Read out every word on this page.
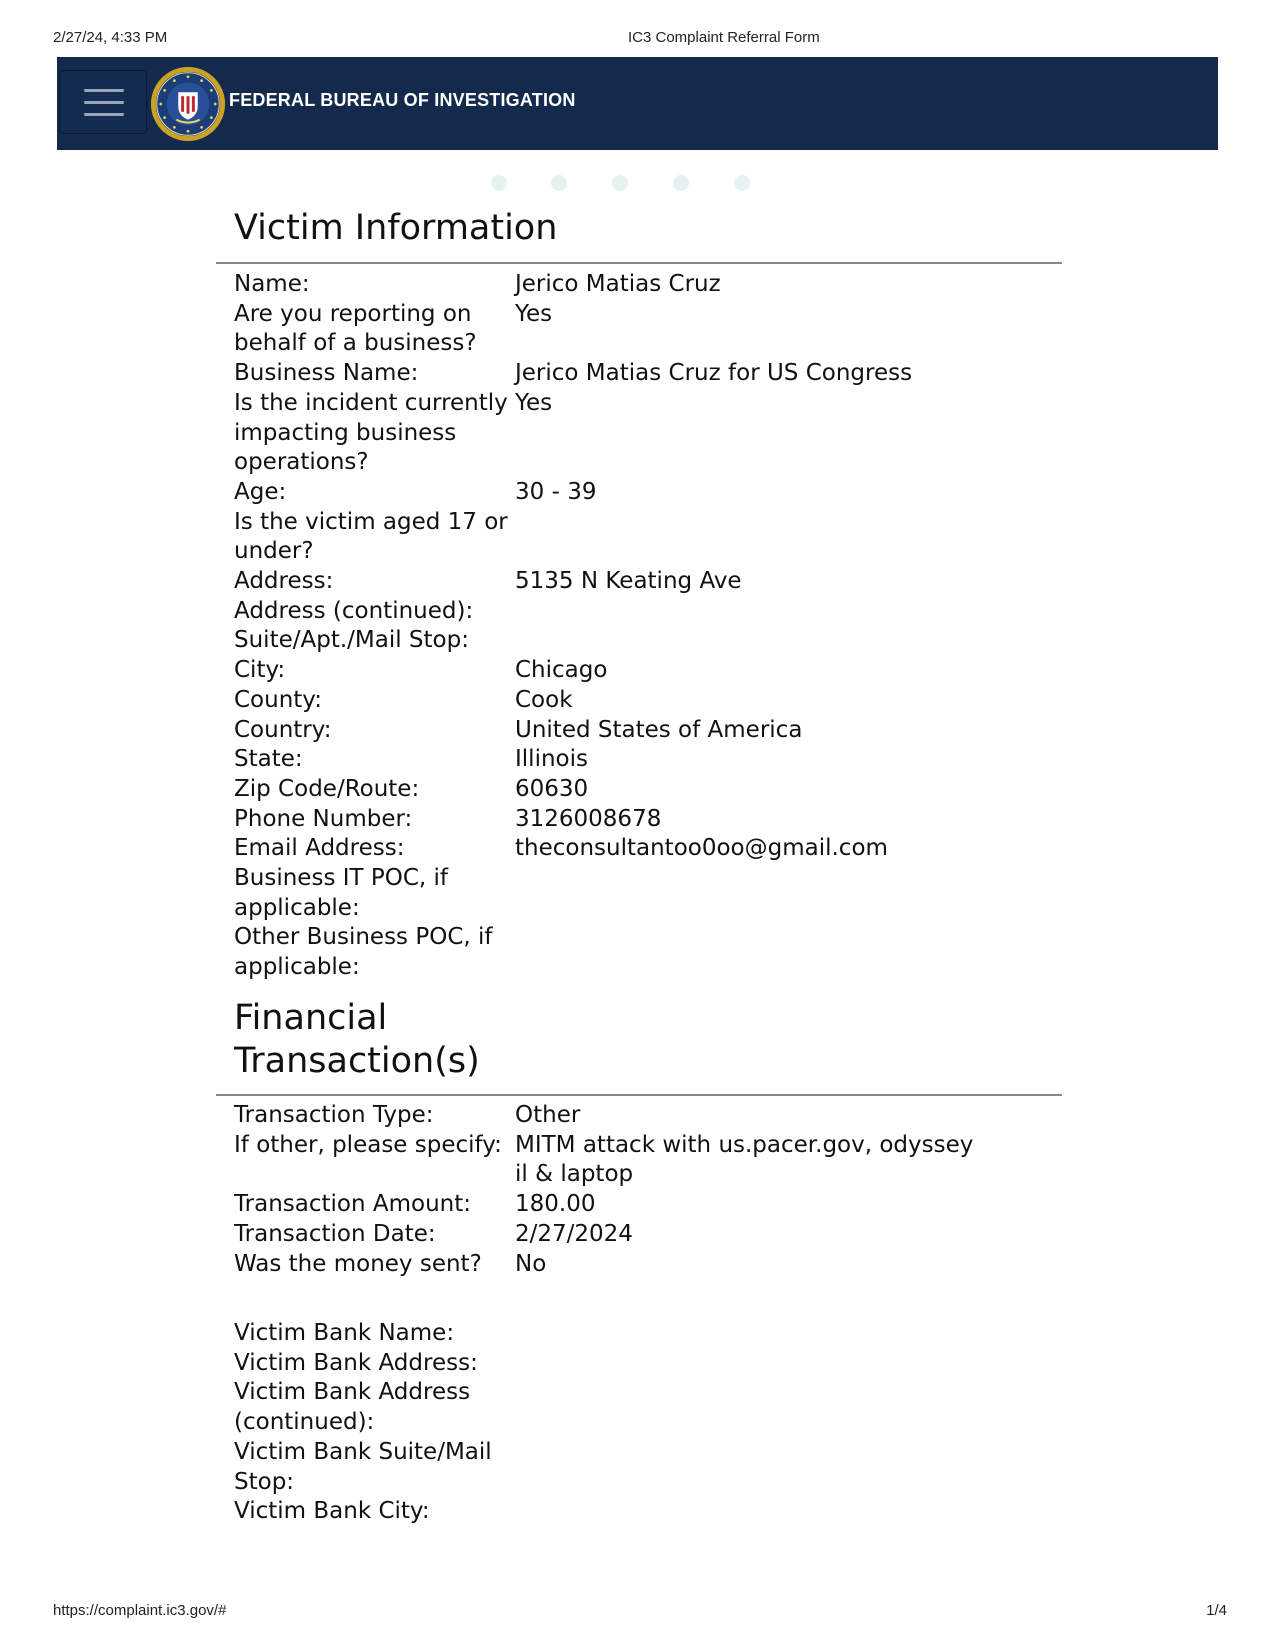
2/27/24, 4:33 PM	IC3 Complaint Referral Form
FEDERAL BUREAU OF INVESTIGATION
Victim Information
Name:	Jerico Matias Cruz
Are you reporting on behalf of a business?
Yes
Business Name:	Jerico Matias Cruz for US Congress
Is the incident currently impacting business operations?
Yes
Age:	30 - 39
Is the victim aged 17 or under?
Address:	5135 N Keating Ave
Address (continued):
Suite/Apt./Mail Stop:
City:	Chicago
County:	Cook
Country:	United States of America
State:	Illinois
Zip Code/Route:	60630
Phone Number:	3126008678
Email Address:	theconsultantoo0oo@gmail.com
Business IT POC, if applicable:
Other Business POC, if applicable:
Financial Transaction(s)
Transaction Type:	Other
If other, please specify: MITM attack with us.pacer.gov, odyssey il & laptop
Transaction Amount:	180.00
Transaction Date:	2/27/2024
Was the money sent?	No
Victim Bank Name:
Victim Bank Address:
Victim Bank Address (continued):
Victim Bank Suite/Mail Stop:
Victim Bank City:
https://complaint.ic3.gov/#	1/4
